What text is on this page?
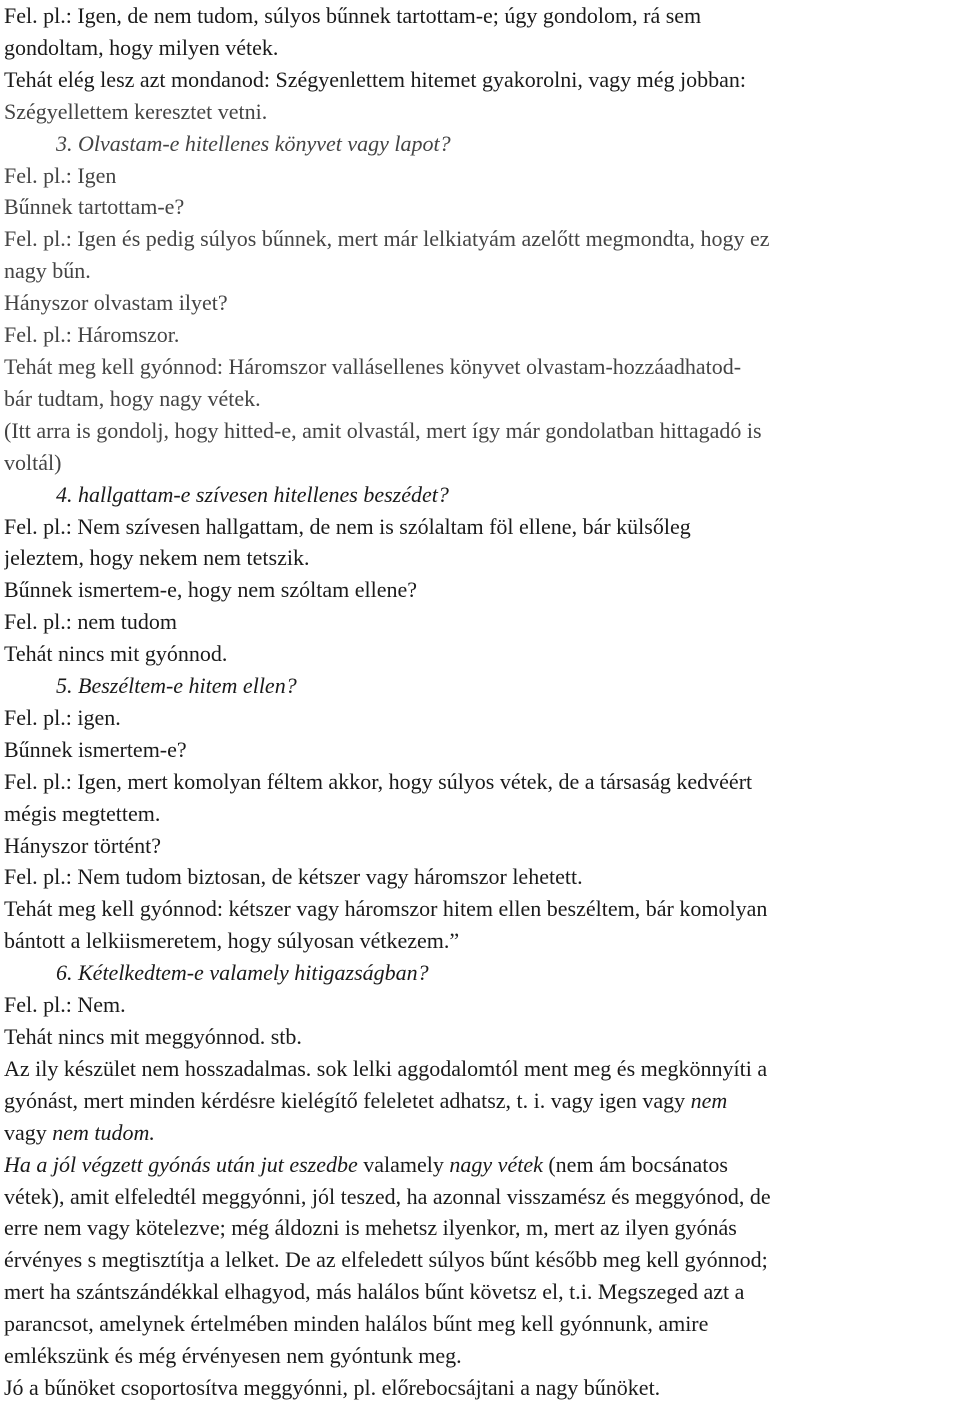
Fel. pl.: Igen, de nem tudom, súlyos bűnnek tartottam-e; úgy gondolom, rá sem

gondoltam, hogy milyen vétek.

Tehát elég lesz azt mondanod: Szégyenlettem hitemet gyakorolni, vagy még jobban:

Szégyellettem keresztet vetni.

3. Olvastam-e hitellenes könyvet vagy lapot?

Fel. pl.: Igen

Bűnnek tartottam-e?

Fel. pl.: Igen és pedig súlyos bűnnek, mert már lelkiatyám azelőtt megmondta, hogy ez

nagy bűn.

Hányszor olvastam ilyet?

Fel. pl.: Háromszor.

Tehát meg kell gyónnod: Háromszor vallásellenes könyvet olvastam-hozzáadhatod-

bár tudtam, hogy nagy vétek.

(Itt arra is gondolj, hogy hitted-e, amit olvastál, mert így már gondolatban hittagadó is

voltál)

4. hallgattam-e szívesen hitellenes beszédet?

Fel. pl.: Nem szívesen hallgattam, de nem is szólaltam föl ellene, bár külsőleg

jeleztem, hogy nekem nem tetszik.

Bűnnek ismertem-e, hogy nem szóltam ellene?

Fel. pl.: nem tudom

Tehát nincs mit gyónnod.

5. Beszéltem-e hitem ellen?

Fel. pl.: igen.

Bűnnek ismertem-e?

Fel. pl.: Igen, mert komolyan féltem akkor, hogy súlyos vétek, de a társaság kedvéért

mégis megtettem.

Hányszor történt?

Fel. pl.: Nem tudom biztosan, de kétszer vagy háromszor lehetett.

Tehát meg kell gyónnod: kétszer vagy háromszor hitem ellen beszéltem, bár komolyan

bántott a lelkiismeretem, hogy súlyosan vétkezem.”

6. Kételkedtem-e valamely hitigazságban?

Fel. pl.: Nem.

Tehát nincs mit meggyónnod. stb.

Az ily készület nem hosszadalmas. sok lelki aggodalomtól ment meg és megkönnyíti a

gyónást, mert minden kérdésre kielégítő feleletet adhatsz, t. i. vagy igen vagy nem

vagy nem tudom.

Ha a jól végzett gyónás után jut eszedbe valamely nagy vétek (nem ám bocsánatos

vétek), amit elfeledtél meggyónni, jól teszed, ha azonnal visszamész és meggyónod, de

erre nem vagy kötelezve; még áldozni is mehetsz ilyenkor, m, mert az ilyen gyónás

érvényes s megtisztítja a lelket. De az elfeledett súlyos bűnt később meg kell gyónnod;

mert ha szántszándékkal elhagyod, más halálos bűnt követsz el, t.i. Megszeged azt a

parancsot, amelynek értelmében minden halálos bűnt meg kell gyónnunk, amire

emlékszünk és még érvényesen nem gyóntunk meg.

Jó a bűnöket csoportosítva meggyónni, pl. előrebocsájtani a nagy bűnöket.
